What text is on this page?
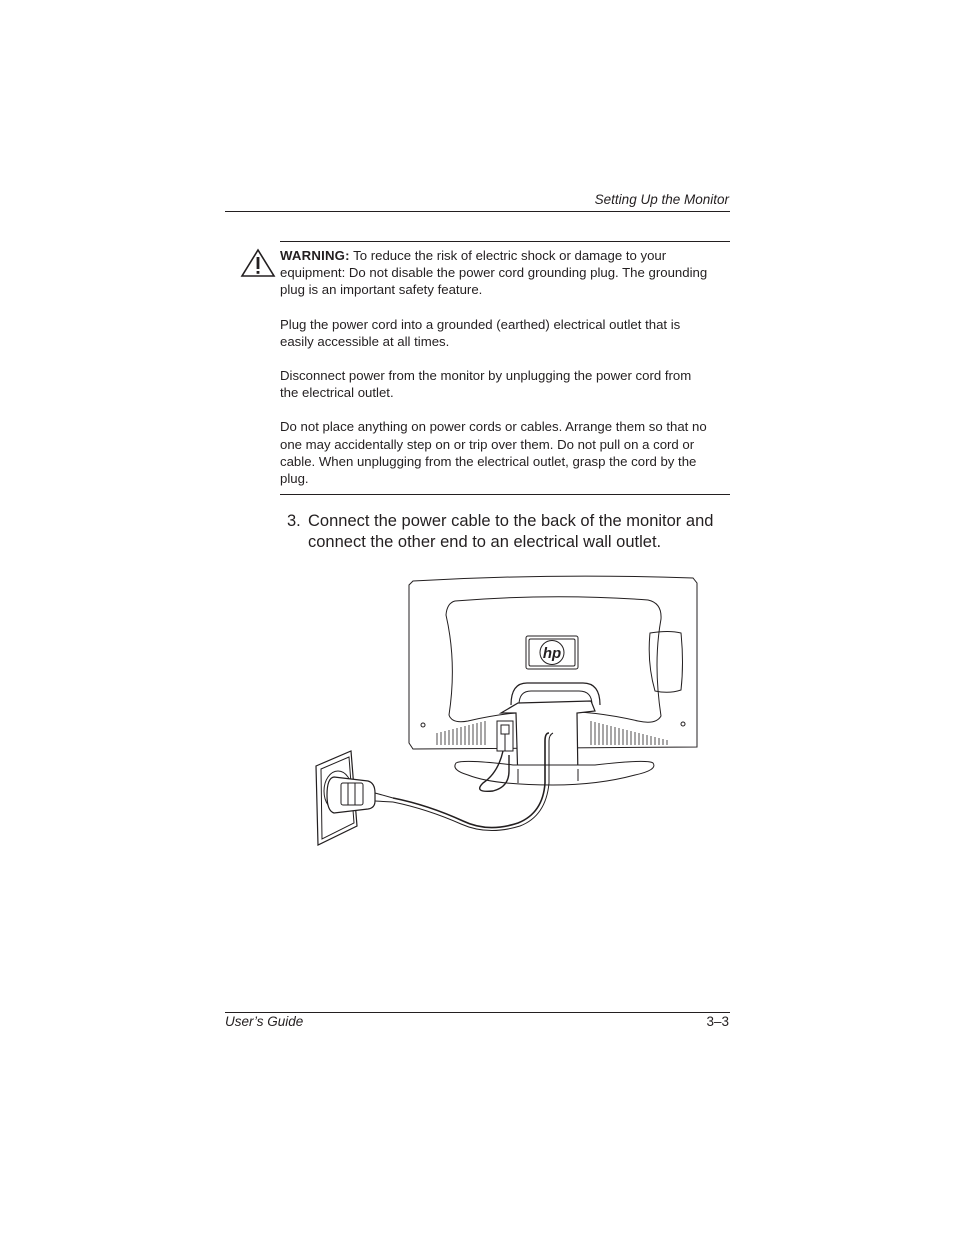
Setting Up the Monitor

WARNING: To reduce the risk of electric shock or damage to your equipment: Do not disable the power cord grounding plug. The grounding plug is an important safety feature.

Plug the power cord into a grounded (earthed) electrical outlet that is easily accessible at all times.

Disconnect power from the monitor by unplugging the power cord from the electrical outlet.

Do not place anything on power cords or cables. Arrange them so that no one may accidentally step on or trip over them. Do not pull on a cord or cable. When unplugging from the electrical outlet, grasp the cord by the plug.

3. Connect the power cable to the back of the monitor and connect the other end to an electrical wall outlet.
hp
User’s Guide	3–3
